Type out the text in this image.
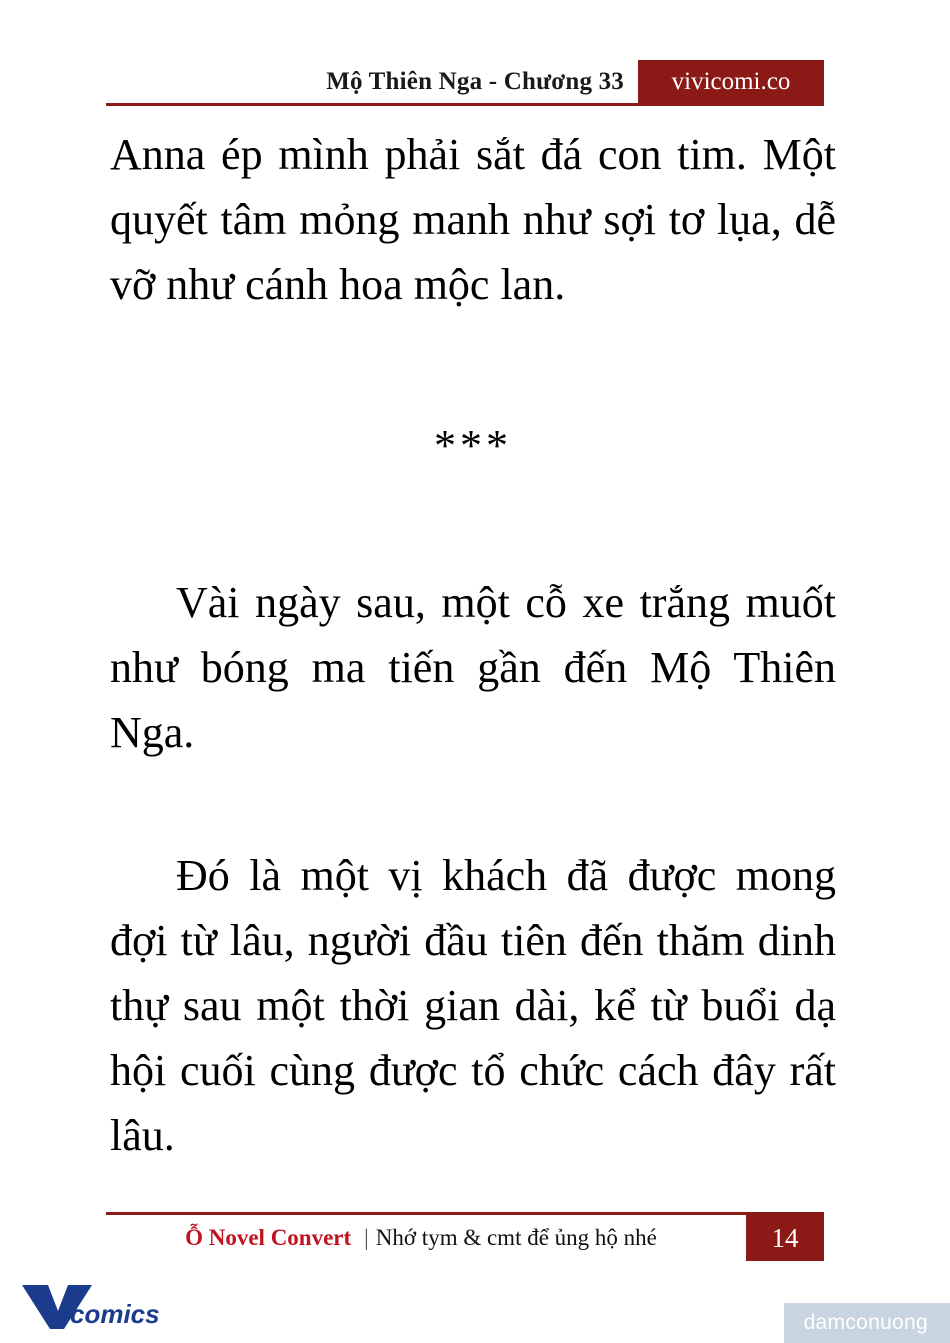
Mộ Thiên Nga - Chương 33	vivicomi.co

Anna ép mình phải sắt đá con tim. Một quyết tâm mỏng manh như sợi tơ lụa, dễ vỡ như cánh hoa mộc lan.

***

Vài ngày sau, một cỗ xe trắng muốt như bóng ma tiến gần đến Mộ Thiên Nga.

Đó là một vị khách đã được mong đợi từ lâu, người đầu tiên đến thăm dinh thự sau một thời gian dài, kể từ buổi dạ hội cuối cùng được tổ chức cách đây rất lâu.

Ỗ Novel Convert | Nhớ tym & cmt để ủng hộ nhé	14
comics	damconuong
